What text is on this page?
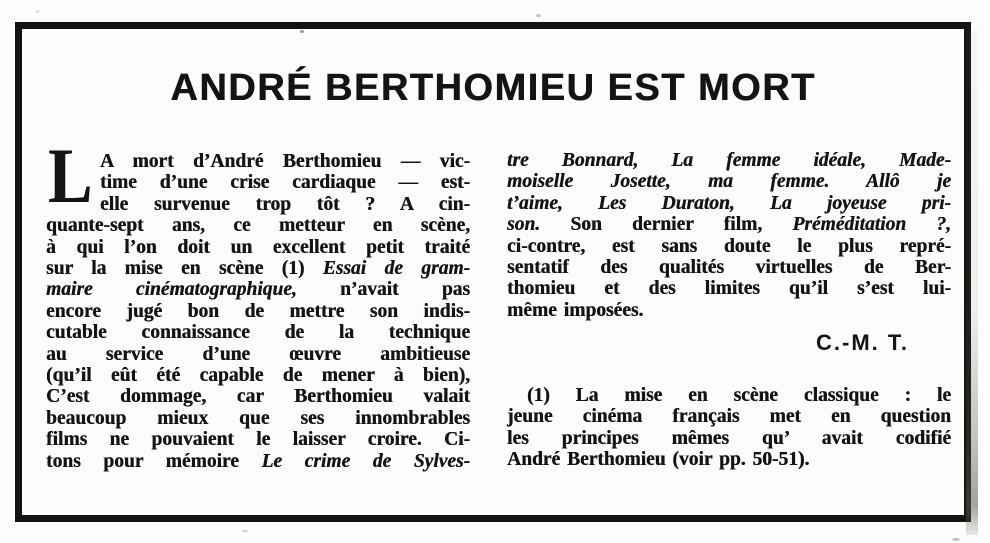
ANDRÉ BERTHOMIEU EST MORT
L A mort d’André Berthomieu — vic-
time d’une crise cardiaque — est-
elle survenue trop tôt ? A cin-
quante-sept ans, ce metteur en scène,
à qui l’on doit un excellent petit traité
sur la mise en scène (1) Essai de gram-
maire cinématographique, n’avait pas
encore jugé bon de mettre son indis-
cutable connaissance de la technique
au service d’une œuvre ambitieuse
(qu’il eût été capable de mener à bien),
C’est dommage, car Berthomieu valait
beaucoup mieux que ses innombrables
films ne pouvaient le laisser croire. Ci-
tons pour mémoire Le crime de Sylves-
tre Bonnard, La femme idéale, Made-
moiselle Josette, ma femme. Allô je
t’aime, Les Duraton, La joyeuse pri-
son. Son dernier film, Préméditation ?,
ci-contre, est sans doute le plus repré-
sentatif des qualités virtuelles de Ber-
thomieu et des limites qu’il s’est lui-
même imposées.
C.-M. T.
(1) La mise en scène classique : le
jeune cinéma français met en question
les principes mêmes qu’ avait codifié
André Berthomieu (voir pp. 50-51).
